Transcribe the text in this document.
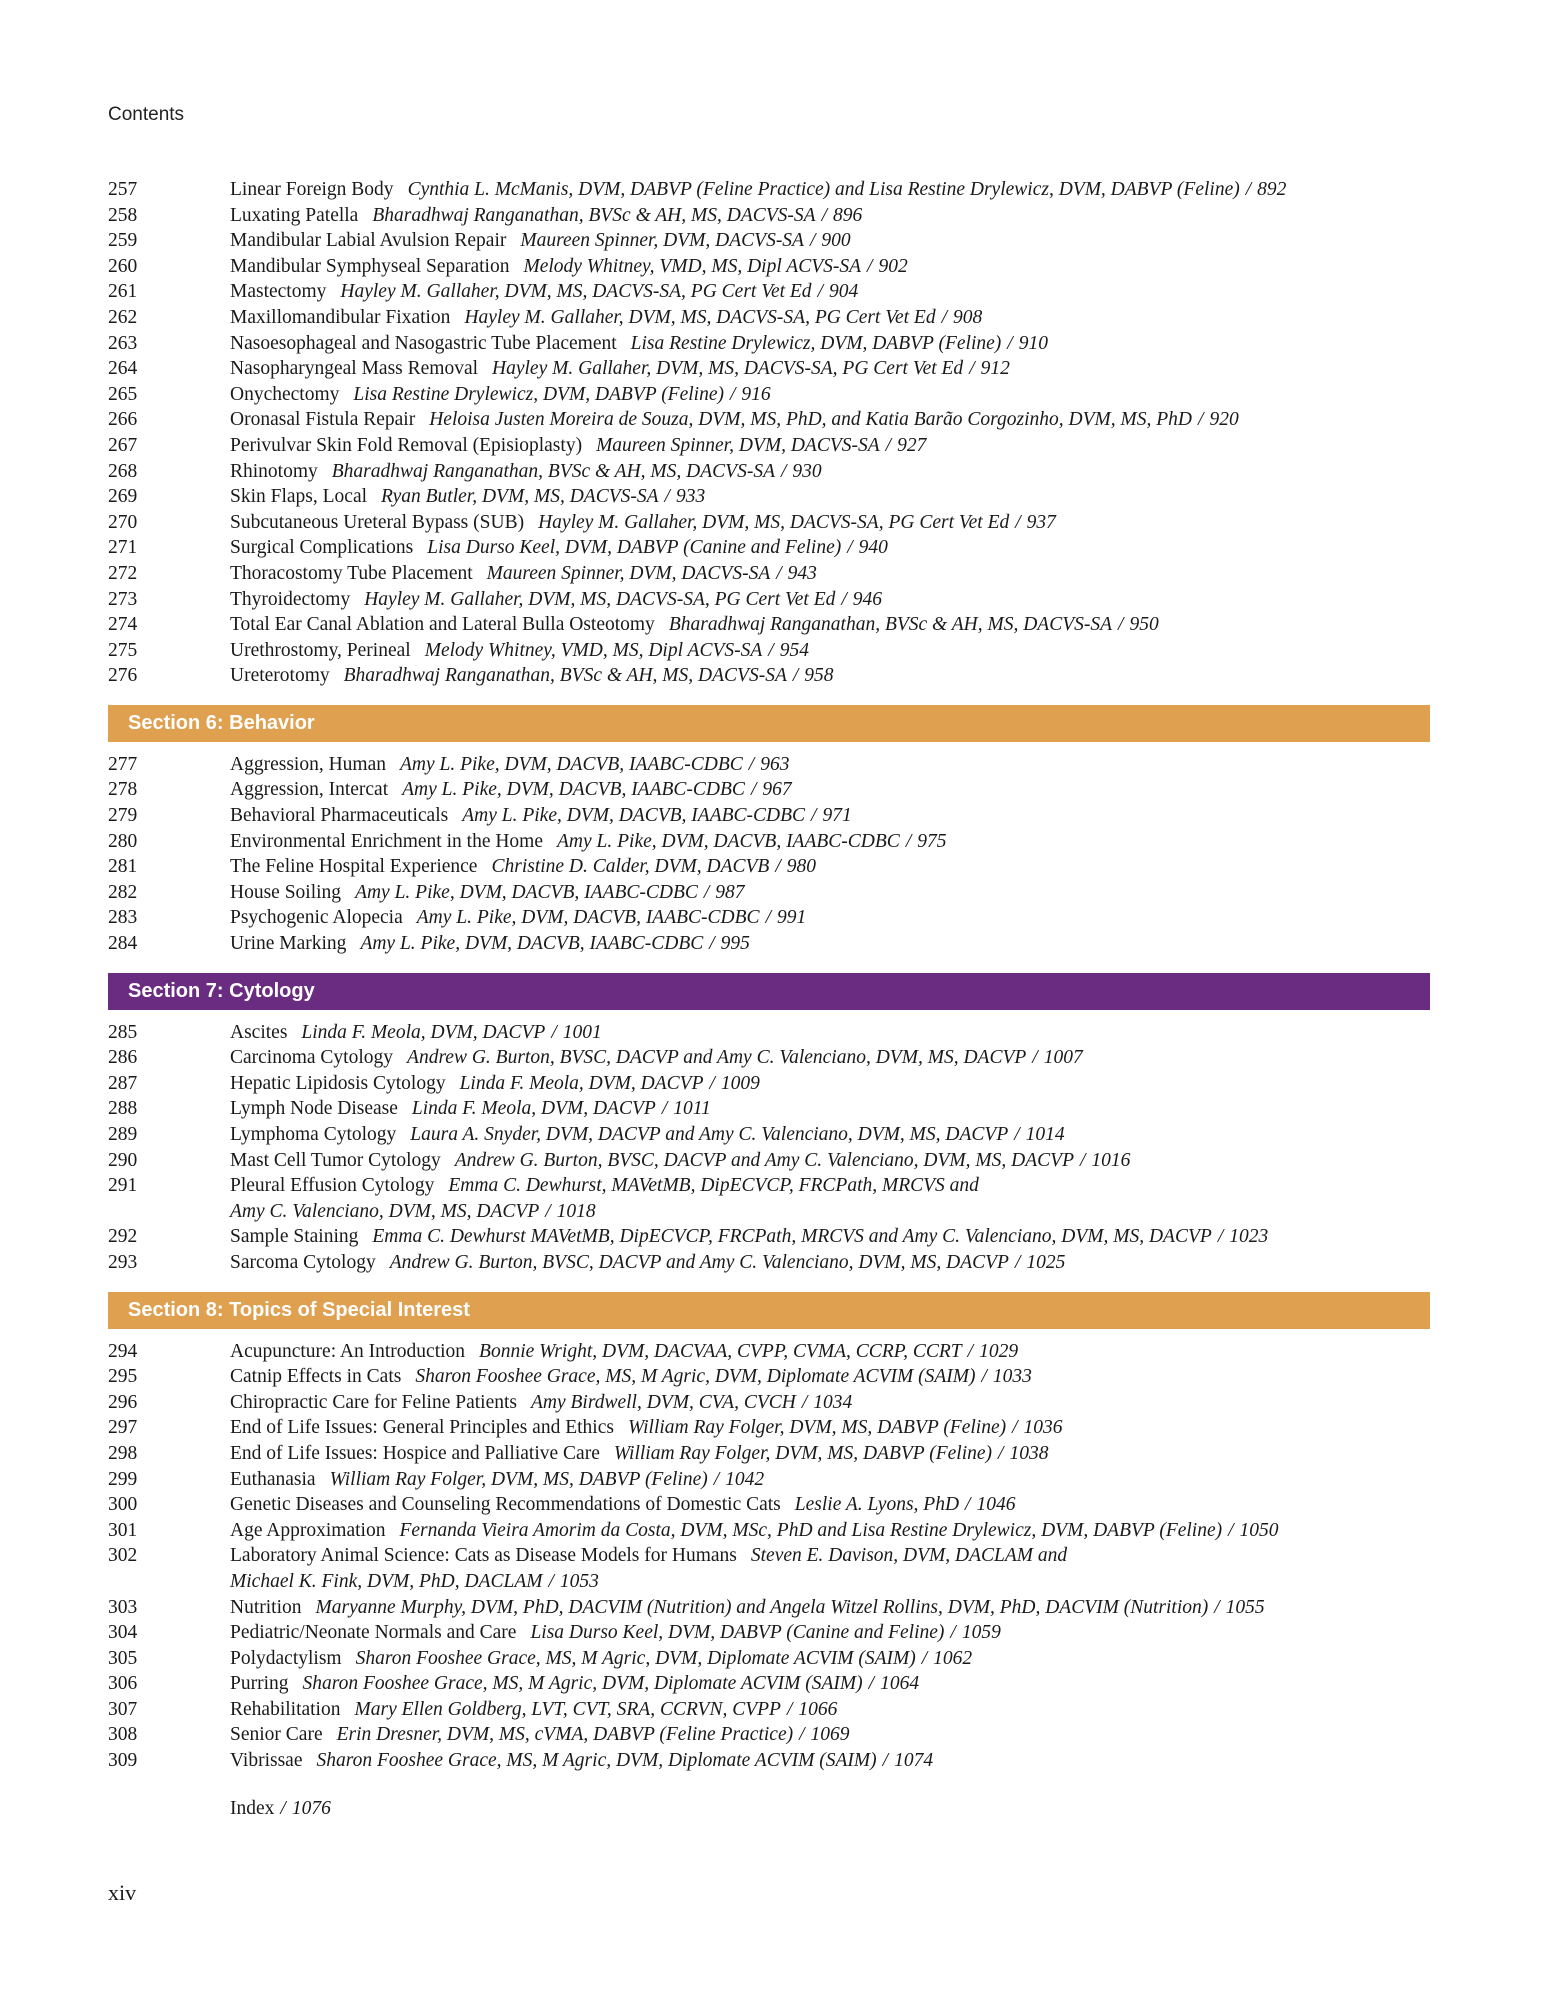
Contents
257	Linear Foreign Body Cynthia L. McManis, DVM, DABVP (Feline Practice) and Lisa Restine Drylewicz, DVM, DABVP (Feline) / 892
258	Luxating Patella Bharadhwaj Ranganathan, BVSc & AH, MS, DACVS-SA / 896
259	Mandibular Labial Avulsion Repair Maureen Spinner, DVM, DACVS-SA / 900
260	Mandibular Symphyseal Separation Melody Whitney, VMD, MS, Dipl ACVS-SA / 902
261	Mastectomy Hayley M. Gallaher, DVM, MS, DACVS-SA, PG Cert Vet Ed / 904
262	Maxillomandibular Fixation Hayley M. Gallaher, DVM, MS, DACVS-SA, PG Cert Vet Ed / 908
263	Nasoesophageal and Nasogastric Tube Placement Lisa Restine Drylewicz, DVM, DABVP (Feline) / 910
264	Nasopharyngeal Mass Removal Hayley M. Gallaher, DVM, MS, DACVS-SA, PG Cert Vet Ed / 912
265	Onychectomy Lisa Restine Drylewicz, DVM, DABVP (Feline) / 916
266	Oronasal Fistula Repair Heloisa Justen Moreira de Souza, DVM, MS, PhD, and Katia Barão Corgozinho, DVM, MS, PhD / 920
267	Perivulvar Skin Fold Removal (Episioplasty) Maureen Spinner, DVM, DACVS-SA / 927
268	Rhinotomy Bharadhwaj Ranganathan, BVSc & AH, MS, DACVS-SA / 930
269	Skin Flaps, Local Ryan Butler, DVM, MS, DACVS-SA / 933
270	Subcutaneous Ureteral Bypass (SUB) Hayley M. Gallaher, DVM, MS, DACVS-SA, PG Cert Vet Ed / 937
271	Surgical Complications Lisa Durso Keel, DVM, DABVP (Canine and Feline) / 940
272	Thoracostomy Tube Placement Maureen Spinner, DVM, DACVS-SA / 943
273	Thyroidectomy Hayley M. Gallaher, DVM, MS, DACVS-SA, PG Cert Vet Ed / 946
274	Total Ear Canal Ablation and Lateral Bulla Osteotomy Bharadhwaj Ranganathan, BVSc & AH, MS, DACVS-SA / 950
275	Urethrostomy, Perineal Melody Whitney, VMD, MS, Dipl ACVS-SA / 954
276	Ureterotomy Bharadhwaj Ranganathan, BVSc & AH, MS, DACVS-SA / 958
Section 6: Behavior
277	Aggression, Human Amy L. Pike, DVM, DACVB, IAABC-CDBC / 963
278	Aggression, Intercat Amy L. Pike, DVM, DACVB, IAABC-CDBC / 967
279	Behavioral Pharmaceuticals Amy L. Pike, DVM, DACVB, IAABC-CDBC / 971
280	Environmental Enrichment in the Home Amy L. Pike, DVM, DACVB, IAABC-CDBC / 975
281	The Feline Hospital Experience Christine D. Calder, DVM, DACVB / 980
282	House Soiling Amy L. Pike, DVM, DACVB, IAABC-CDBC / 987
283	Psychogenic Alopecia Amy L. Pike, DVM, DACVB, IAABC-CDBC / 991
284	Urine Marking Amy L. Pike, DVM, DACVB, IAABC-CDBC / 995
Section 7: Cytology
285	Ascites Linda F. Meola, DVM, DACVP / 1001
286	Carcinoma Cytology Andrew G. Burton, BVSC, DACVP and Amy C. Valenciano, DVM, MS, DACVP / 1007
287	Hepatic Lipidosis Cytology Linda F. Meola, DVM, DACVP / 1009
288	Lymph Node Disease Linda F. Meola, DVM, DACVP / 1011
289	Lymphoma Cytology Laura A. Snyder, DVM, DACVP and Amy C. Valenciano, DVM, MS, DACVP / 1014
290	Mast Cell Tumor Cytology Andrew G. Burton, BVSC, DACVP and Amy C. Valenciano, DVM, MS, DACVP / 1016
291	Pleural Effusion Cytology Emma C. Dewhurst, MAVetMB, DipECVCP, FRCPath, MRCVS and
Amy C. Valenciano, DVM, MS, DACVP / 1018
292	Sample Staining Emma C. Dewhurst MAVetMB, DipECVCP, FRCPath, MRCVS and Amy C. Valenciano, DVM, MS, DACVP / 1023
293	Sarcoma Cytology Andrew G. Burton, BVSC, DACVP and Amy C. Valenciano, DVM, MS, DACVP / 1025
Section 8: Topics of Special Interest
294	Acupuncture: An Introduction Bonnie Wright, DVM, DACVAA, CVPP, CVMA, CCRP, CCRT / 1029
295	Catnip Effects in Cats Sharon Fooshee Grace, MS, M Agric, DVM, Diplomate ACVIM (SAIM) / 1033
296	Chiropractic Care for Feline Patients Amy Birdwell, DVM, CVA, CVCH / 1034
297	End of Life Issues: General Principles and Ethics William Ray Folger, DVM, MS, DABVP (Feline) / 1036
298	End of Life Issues: Hospice and Palliative Care William Ray Folger, DVM, MS, DABVP (Feline) / 1038
299	Euthanasia William Ray Folger, DVM, MS, DABVP (Feline) / 1042
300	Genetic Diseases and Counseling Recommendations of Domestic Cats Leslie A. Lyons, PhD / 1046
301	Age Approximation Fernanda Vieira Amorim da Costa, DVM, MSc, PhD and Lisa Restine Drylewicz, DVM, DABVP (Feline) / 1050
302	Laboratory Animal Science: Cats as Disease Models for Humans Steven E. Davison, DVM, DACLAM and
Michael K. Fink, DVM, PhD, DACLAM / 1053
303	Nutrition Maryanne Murphy, DVM, PhD, DACVIM (Nutrition) and Angela Witzel Rollins, DVM, PhD, DACVIM (Nutrition) / 1055
304	Pediatric/Neonate Normals and Care Lisa Durso Keel, DVM, DABVP (Canine and Feline) / 1059
305	Polydactylism Sharon Fooshee Grace, MS, M Agric, DVM, Diplomate ACVIM (SAIM) / 1062
306	Purring Sharon Fooshee Grace, MS, M Agric, DVM, Diplomate ACVIM (SAIM) / 1064
307	Rehabilitation Mary Ellen Goldberg, LVT, CVT, SRA, CCRVN, CVPP / 1066
308	Senior Care Erin Dresner, DVM, MS, cVMA, DABVP (Feline Practice) / 1069
309	Vibrissae Sharon Fooshee Grace, MS, M Agric, DVM, Diplomate ACVIM (SAIM) / 1074
Index / 1076
xiv
